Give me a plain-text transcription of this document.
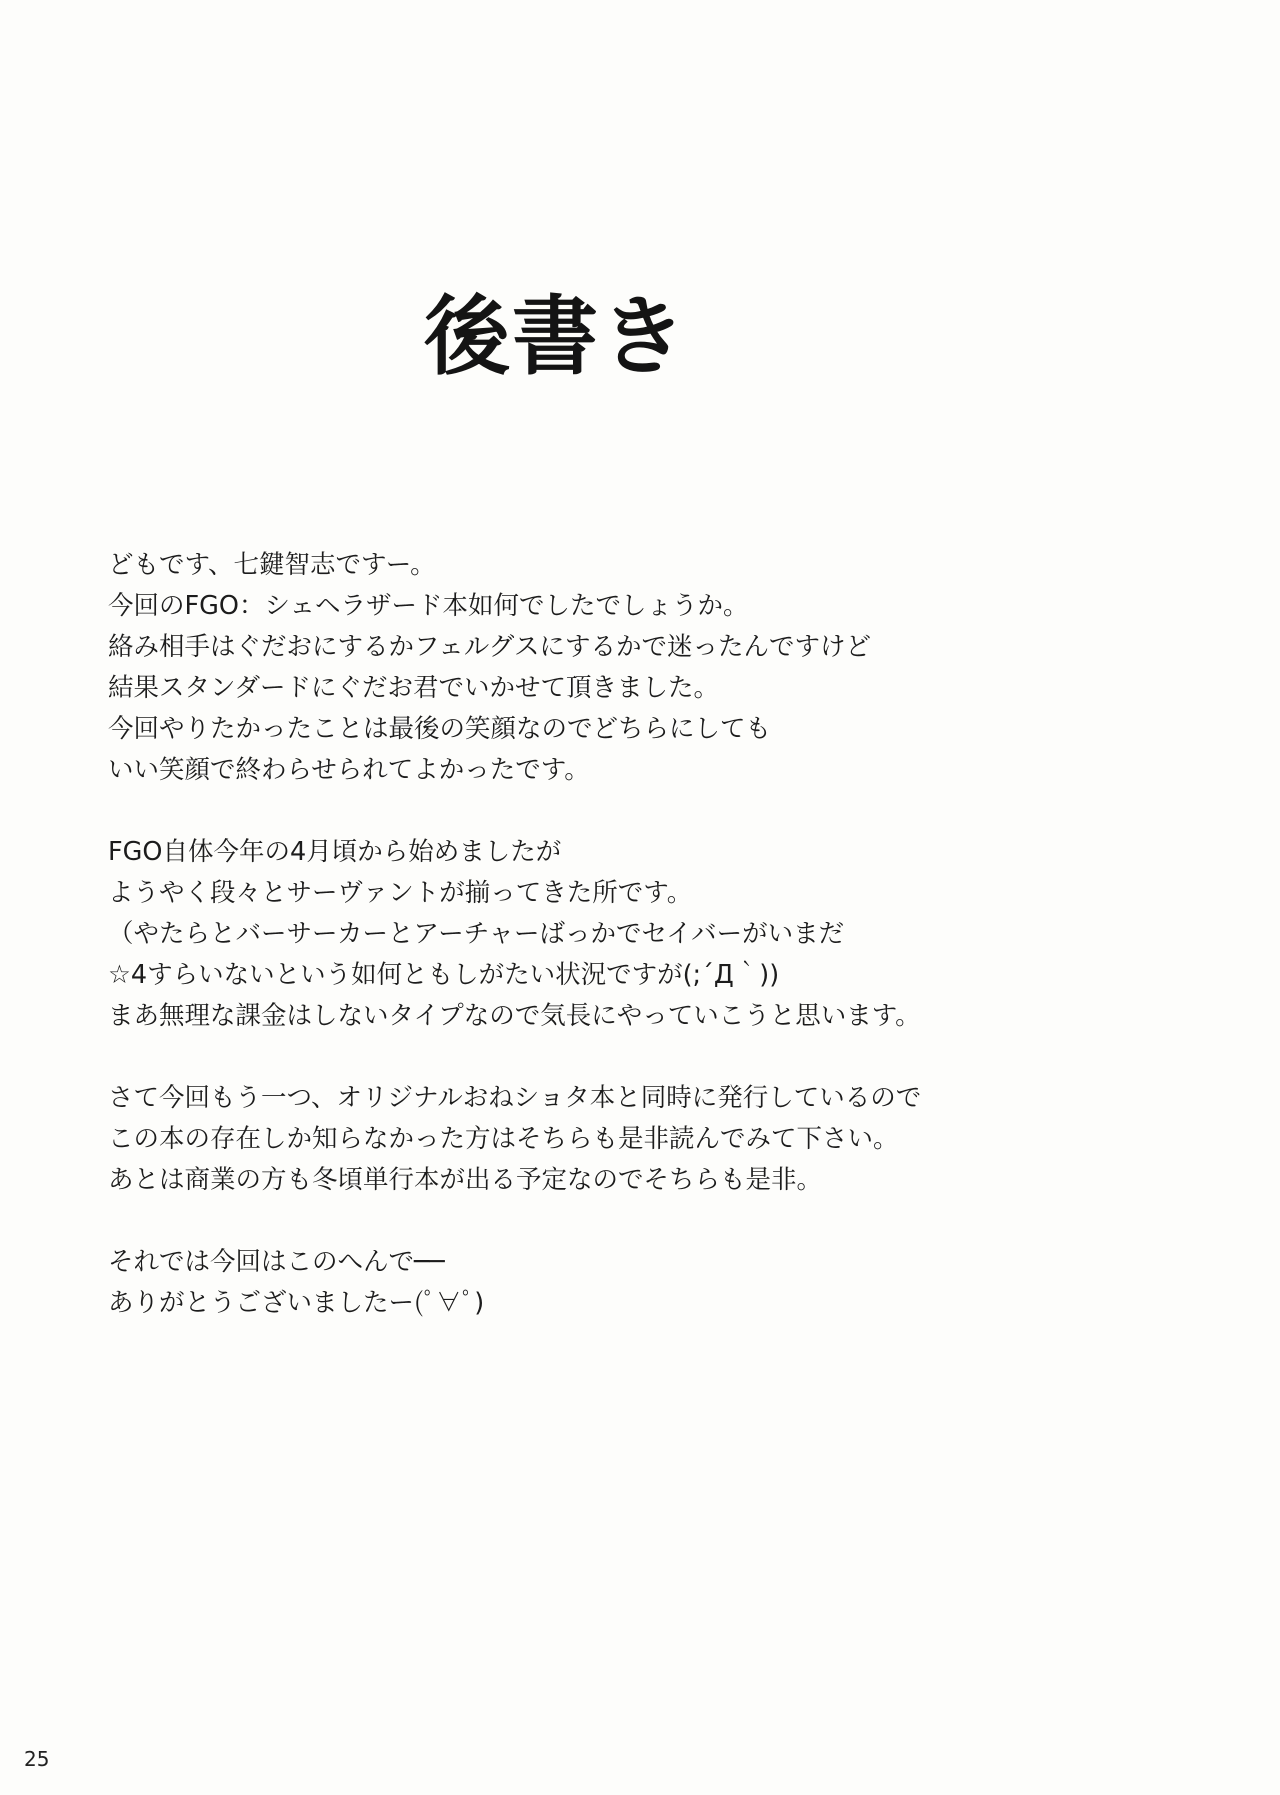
後書き

どもです、七鍵智志ですー。
今回のFGO：シェヘラザード本如何でしたでしょうか。
絡み相手はぐだおにするかフェルグスにするかで迷ったんですけど
結果スタンダードにぐだお君でいかせて頂きました。
今回やりたかったことは最後の笑顔なのでどちらにしても
いい笑顔で終わらせられてよかったです。

FGO自体今年の4月頃から始めましたが
ようやく段々とサーヴァントが揃ってきた所です。
（やたらとバーサーカーとアーチャーばっかでセイバーがいまだ
☆4すらいないという如何ともしがたい状況ですが(;´Д｀))
まあ無理な課金はしないタイプなので気長にやっていこうと思います。

さて今回もう一つ、オリジナルおねショタ本と同時に発行しているので
この本の存在しか知らなかった方はそちらも是非読んでみて下さい。
あとは商業の方も冬頃単行本が出る予定なのでそちらも是非。

それでは今回はこのへんで──
ありがとうございましたー(ﾟ∀ﾟ)

25
